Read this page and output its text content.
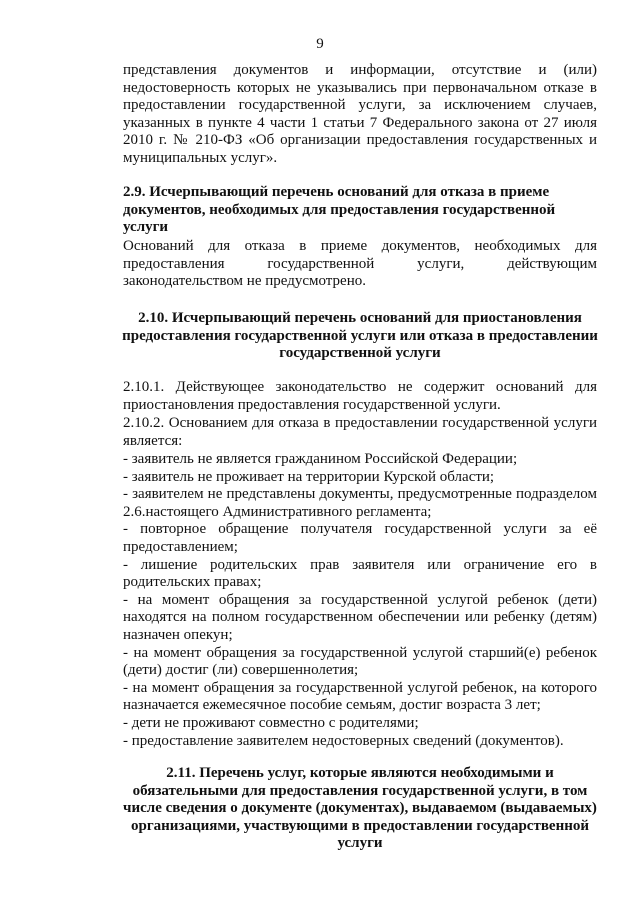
9

представления документов и информации, отсутствие и (или) недостоверность которых не указывались при первоначальном отказе в предоставлении государственной услуги, за исключением случаев, указанных в пункте 4 части 1 статьи 7 Федерального закона от 27 июля 2010 г. № 210-ФЗ «Об организации предоставления государственных и муниципальных услуг».

2.9. Исчерпывающий перечень оснований для отказа в приеме документов, необходимых для предоставления государственной услуги

Оснований для отказа в приеме документов, необходимых для предоставления государственной услуги, действующим законодательством не предусмотрено.

2.10. Исчерпывающий перечень оснований для приостановления предоставления государственной услуги или отказа в предоставлении государственной услуги

2.10.1. Действующее законодательство не содержит оснований для приостановления предоставления государственной услуги.

2.10.2. Основанием для отказа в предоставлении государственной услуги является:

- заявитель не является гражданином Российской Федерации;
- заявитель не проживает на территории Курской области;
- заявителем не представлены документы, предусмотренные подразделом 2.6.настоящего Административного регламента;
- повторное обращение получателя государственной услуги за её предоставлением;
- лишение родительских прав заявителя или ограничение его в родительских правах;
- на момент обращения за государственной услугой ребенок (дети) находятся на полном государственном обеспечении или ребенку (детям) назначен опекун;
- на момент обращения за государственной услугой старший(е) ребенок (дети) достиг (ли) совершеннолетия;
- на момент обращения за государственной услугой ребенок, на которого назначается ежемесячное пособие семьям, достиг возраста 3 лет;
- дети не проживают совместно с родителями;
- предоставление заявителем недостоверных сведений (документов).
2.11. Перечень услуг, которые являются необходимыми и обязательными для предоставления государственной услуги, в том числе сведения о документе (документах), выдаваемом (выдаваемых) организациями, участвующими в предоставлении государственной услуги
